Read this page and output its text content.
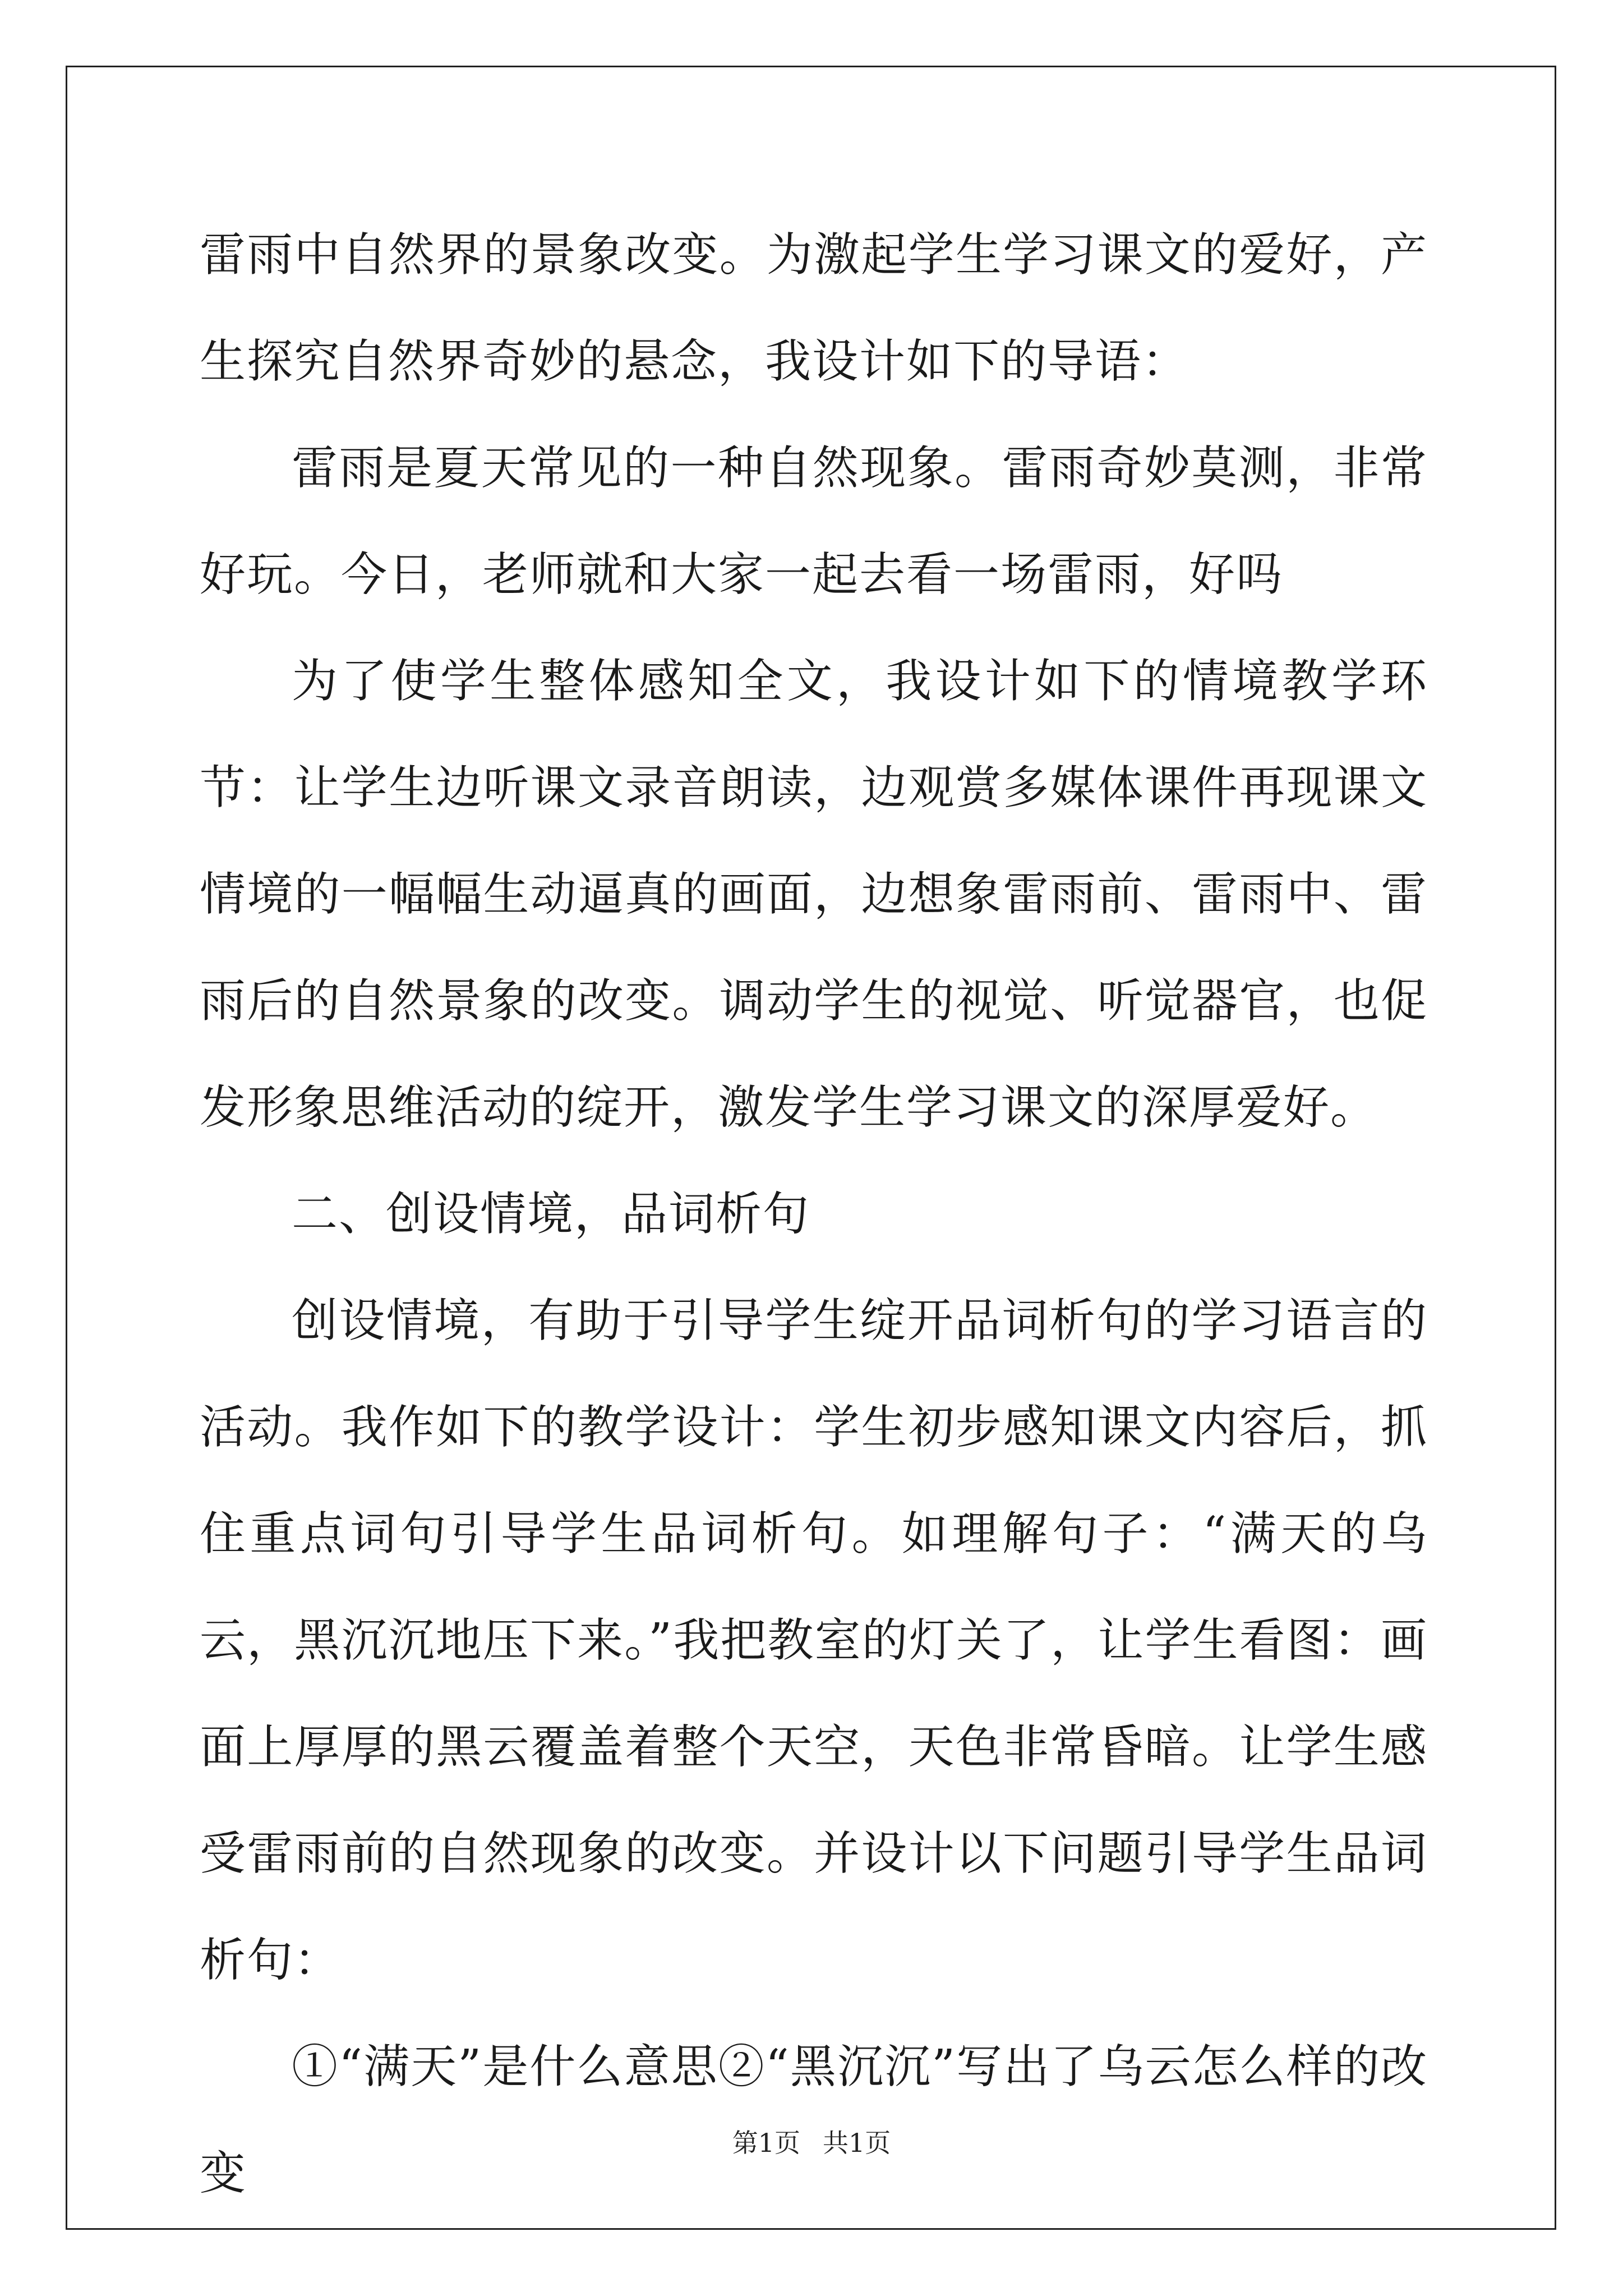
雷雨中自然界的景象改变。为激起学生学习课文的爱好，产生探究自然界奇妙的悬念，我设计如下的导语：

雷雨是夏天常见的一种自然现象。雷雨奇妙莫测，非常好玩。今日，老师就和大家一起去看一场雷雨，好吗

为了使学生整体感知全文，我设计如下的情境教学环节：让学生边听课文录音朗读，边观赏多媒体课件再现课文情境的一幅幅生动逼真的画面，边想象雷雨前、雷雨中、雷雨后的自然景象的改变。调动学生的视觉、听觉器官，也促发形象思维活动的绽开，激发学生学习课文的深厚爱好。

二、创设情境，品词析句

创设情境，有助于引导学生绽开品词析句的学习语言的活动。我作如下的教学设计：学生初步感知课文内容后，抓住重点词句引导学生品词析句。如理解句子：“满天的乌云，黑沉沉地压下来。”我把教室的灯关了，让学生看图：画面上厚厚的黑云覆盖着整个天空，天色非常昏暗。让学生感受雷雨前的自然现象的改变。并设计以下问题引导学生品词析句：

①“满天”是什么意思②“黑沉沉”写出了乌云怎么样的改变

第1页 共1页
